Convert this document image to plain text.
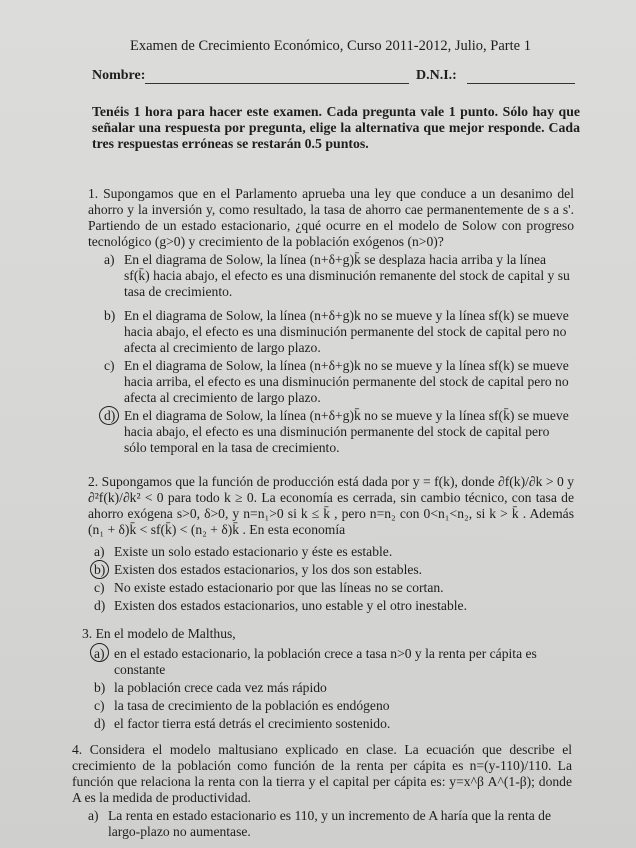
Examen de Crecimiento Económico, Curso 2011-2012, Julio, Parte 1
Nombre:	D.N.I.:
Tenéis 1 hora para hacer este examen. Cada pregunta vale 1 punto. Sólo hay que señalar una respuesta por pregunta, elige la alternativa que mejor responde. Cada tres respuestas erróneas se restarán 0.5 puntos.
1. Supongamos que en el Parlamento aprueba una ley que conduce a un desanimo del ahorro y la inversión y, como resultado, la tasa de ahorro cae permanentemente de s a s'. Partiendo de un estado estacionario, ¿qué ocurre en el modelo de Solow con progreso tecnológico (g>0) y crecimiento de la población exógenos (n>0)?
a) En el diagrama de Solow, la línea (n+δ+g)k̄ se desplaza hacia arriba y la línea sf(k̄) hacia abajo, el efecto es una disminución remanente del stock de capital y su tasa de crecimiento.
b) En el diagrama de Solow, la línea (n+δ+g)k no se mueve y la línea sf(k) se mueve hacia abajo, el efecto es una disminución permanente del stock de capital pero no afecta al crecimiento de largo plazo.
c) En el diagrama de Solow, la línea (n+δ+g)k no se mueve y la línea sf(k) se mueve hacia arriba, el efecto es una disminución permanente del stock de capital pero no afecta al crecimiento de largo plazo.
d) En el diagrama de Solow, la línea (n+δ+g)k̄ no se mueve y la línea sf(k̄) se mueve hacia abajo, el efecto es una disminución permanente del stock de capital pero sólo temporal en la tasa de crecimiento.
2. Supongamos que la función de producción está dada por y = f(k), donde ∂f(k)/∂k > 0 y ∂²f(k)/∂k² < 0 para todo k ≥ 0. La economía es cerrada, sin cambio técnico, con tasa de ahorro exógena s>0, δ>0, y n=n₁>0 si k ≤ k̄ , pero n=n₂ con 0<n₁<n₂, si k > k̄ . Además (n₁ + δ)k̄ < sf(k̄) < (n₂ + δ)k̄ . En esta economía
a) Existe un solo estado estacionario y éste es estable.
b) Existen dos estados estacionarios, y los dos son estables.
c) No existe estado estacionario por que las líneas no se cortan.
d) Existen dos estados estacionarios, uno estable y el otro inestable.
3. En el modelo de Malthus,
a) en el estado estacionario, la población crece a tasa n>0 y la renta per cápita es constante
b) la población crece cada vez más rápido
c) la tasa de crecimiento de la población es endógeno
d) el factor tierra está detrás el crecimiento sostenido.
4. Considera el modelo maltusiano explicado en clase. La ecuación que describe el crecimiento de la población como función de la renta per cápita es n=(y-110)/110. La función que relaciona la renta con la tierra y el capital per cápita es: y=x^β A^(1-β); donde A es la medida de productividad.
a) La renta en estado estacionario es 110, y un incremento de A haría que la renta de largo-plazo no aumentase.
